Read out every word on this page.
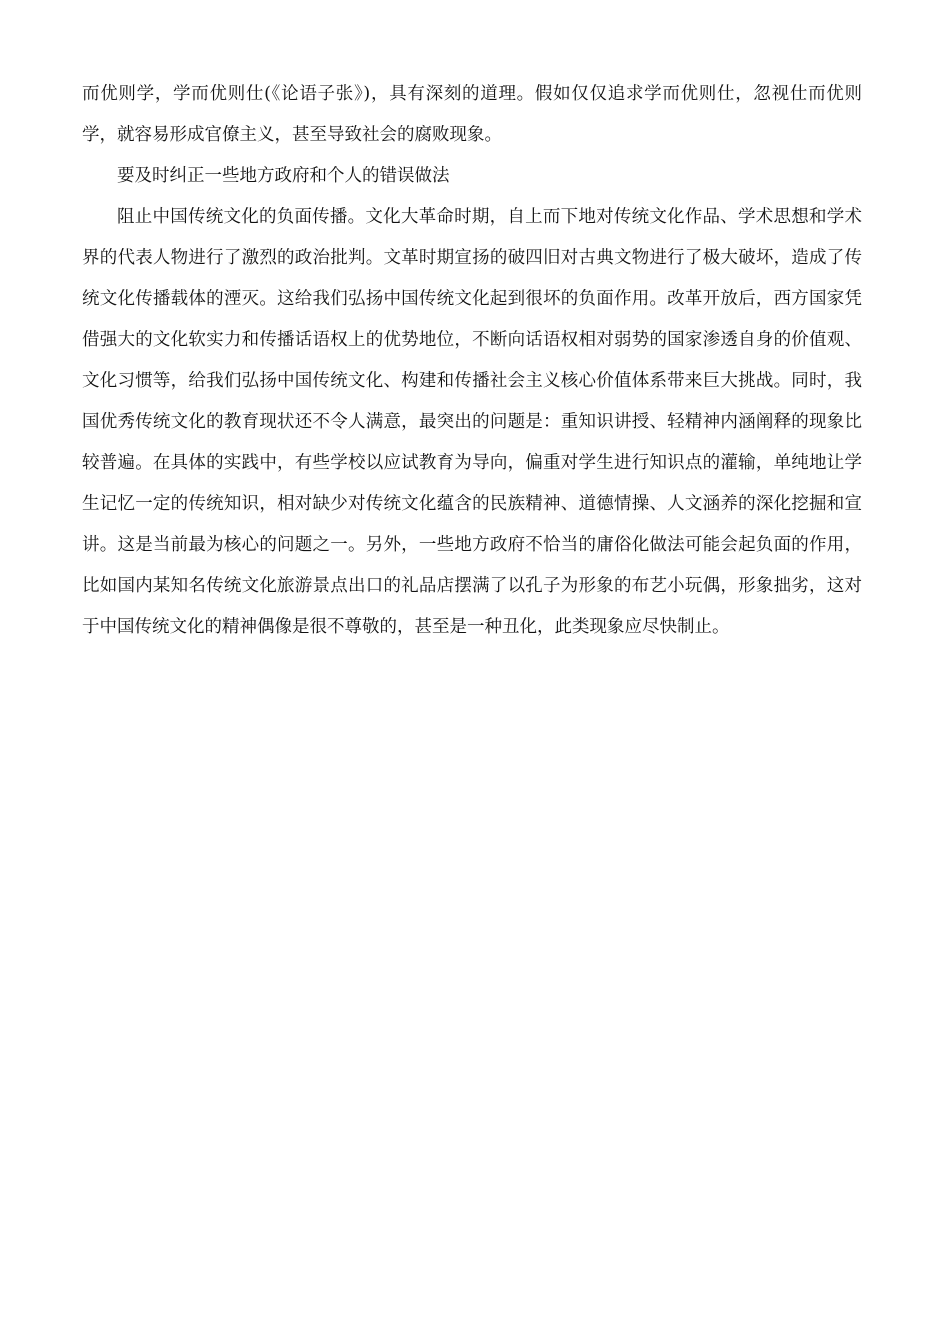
而优则学，学而优则仕(《论语子张》)，具有深刻的道理。假如仅仅追求学而优则仕，忽视仕而优则学，就容易形成官僚主义，甚至导致社会的腐败现象。

要及时纠正一些地方政府和个人的错误做法

阻止中国传统文化的负面传播。文化大革命时期，自上而下地对传统文化作品、学术思想和学术界的代表人物进行了激烈的政治批判。文革时期宣扬的破四旧对古典文物进行了极大破坏，造成了传统文化传播载体的湮灭。这给我们弘扬中国传统文化起到很坏的负面作用。改革开放后，西方国家凭借强大的文化软实力和传播话语权上的优势地位，不断向话语权相对弱势的国家渗透自身的价值观、文化习惯等，给我们弘扬中国传统文化、构建和传播社会主义核心价值体系带来巨大挑战。同时，我国优秀传统文化的教育现状还不令人满意，最突出的问题是：重知识讲授、轻精神内涵阐释的现象比较普遍。在具体的实践中，有些学校以应试教育为导向，偏重对学生进行知识点的灌输，单纯地让学生记忆一定的传统知识，相对缺少对传统文化蕴含的民族精神、道德情操、人文涵养的深化挖掘和宣讲。这是当前最为核心的问题之一。另外，一些地方政府不恰当的庸俗化做法可能会起负面的作用，比如国内某知名传统文化旅游景点出口的礼品店摆满了以孔子为形象的布艺小玩偶，形象拙劣，这对于中国传统文化的精神偶像是很不尊敬的，甚至是一种丑化，此类现象应尽快制止。
